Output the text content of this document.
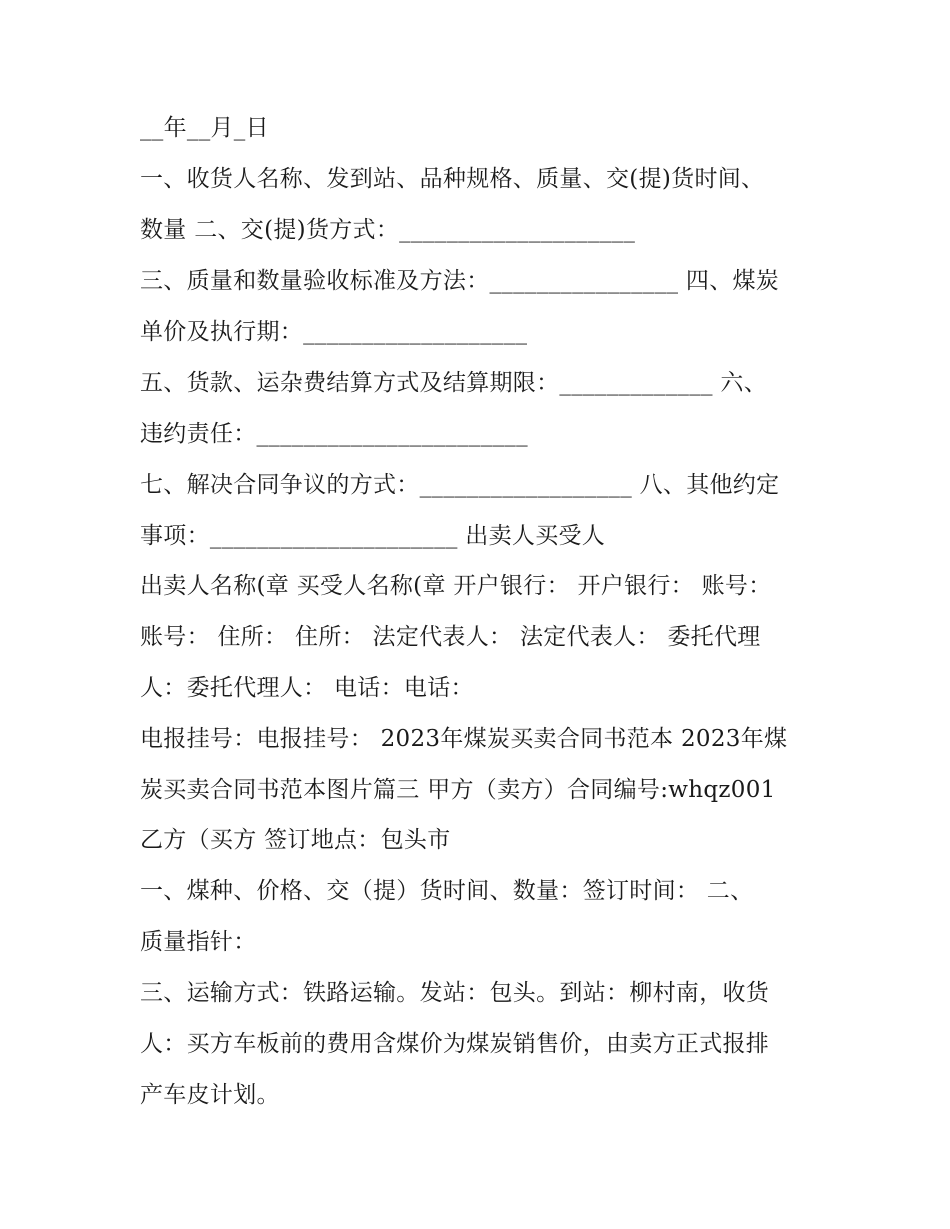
__年__月_日
一、收货人名称、发到站、品种规格、质量、交(提)货时间、
数量 二、交(提)货方式：____________________
三、质量和数量验收标准及方法：________________ 四、煤炭
单价及执行期：___________________
五、货款、运杂费结算方式及结算期限：_____________ 六、
违约责任：_______________________
七、解决合同争议的方式：__________________ 八、其他约定
事项：_____________________ 出卖人买受人
出卖人名称(章 买受人名称(章 开户银行： 开户银行： 账号：
账号： 住所： 住所： 法定代表人： 法定代表人： 委托代理
人：委托代理人： 电话：电话：
电报挂号：电报挂号： 2023年煤炭买卖合同书范本 2023年煤
炭买卖合同书范本图片篇三 甲方（卖方）合同编号:whqz001
乙方（买方 签订地点：包头市
一、煤种、价格、交（提）货时间、数量：签订时间： 二、
质量指针：
三、运输方式：铁路运输。发站：包头。到站：柳村南，收货
人：买方车板前的费用含煤价为煤炭销售价，由卖方正式报排
产车皮计划。
